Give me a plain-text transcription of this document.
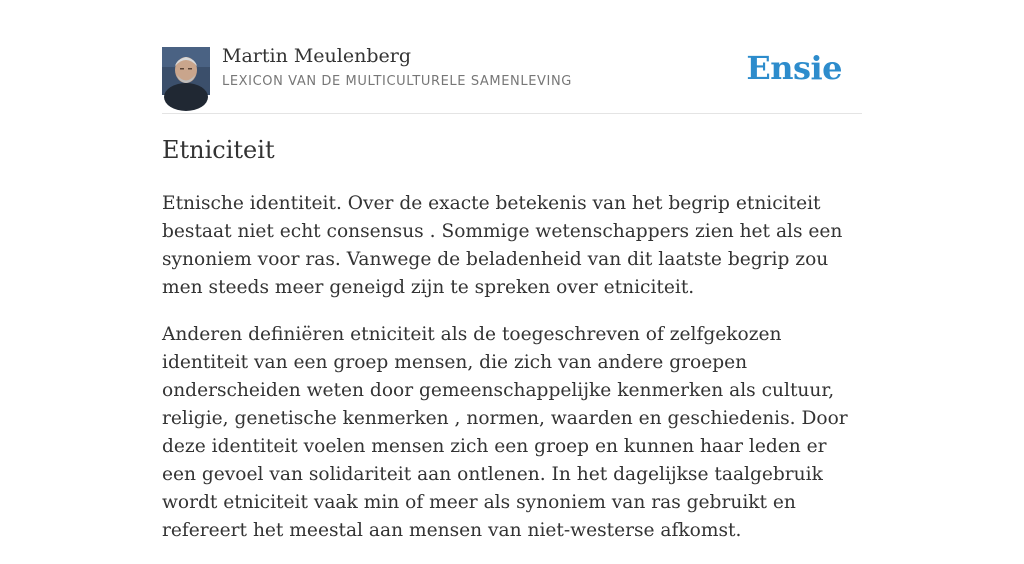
Martin Meulenberg
LEXICON VAN DE MULTICULTURELE SAMENLEVING	Ensie
Etniciteit

Etnische identiteit. Over de exacte betekenis van het begrip etniciteit bestaat niet echt consensus . Sommige wetenschappers zien het als een synoniem voor ras. Vanwege de beladenheid van dit laatste begrip zou men steeds meer geneigd zijn te spreken over etniciteit.

Anderen definiëren etniciteit als de toegeschreven of zelfgekozen identiteit van een groep mensen, die zich van andere groepen onderscheiden weten door gemeenschappelijke kenmerken als cultuur, religie, genetische kenmerken , normen, waarden en geschiedenis. Door deze identiteit voelen mensen zich een groep en kunnen haar leden er een gevoel van solidariteit aan ontlenen. In het dagelijkse taalgebruik wordt etniciteit vaak min of meer als synoniem van ras gebruikt en refereert het meestal aan mensen van niet-westerse afkomst.
